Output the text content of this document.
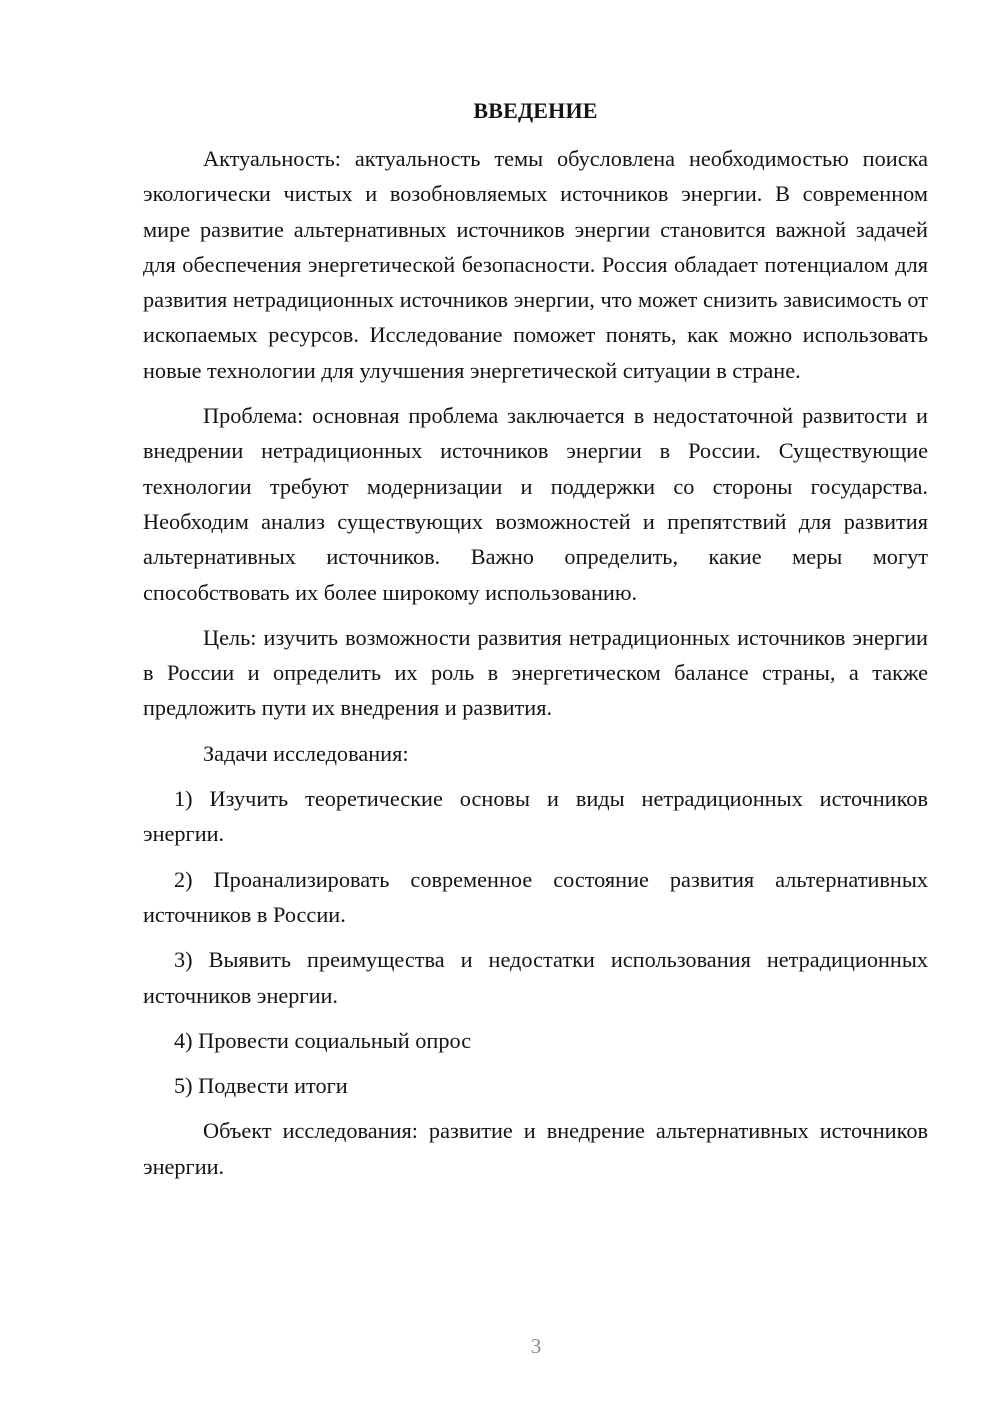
ВВЕДЕНИЕ

Актуальность: актуальность темы обусловлена необходимостью поиска экологически чистых и возобновляемых источников энергии. В современном мире развитие альтернативных источников энергии становится важной задачей для обеспечения энергетической безопасности. Россия обладает потенциалом для развития нетрадиционных источников энергии, что может снизить зависимость от ископаемых ресурсов. Исследование поможет понять, как можно использовать новые технологии для улучшения энергетической ситуации в стране.

Проблема: основная проблема заключается в недостаточной развитости и внедрении нетрадиционных источников энергии в России. Существующие технологии требуют модернизации и поддержки со стороны государства. Необходим анализ существующих возможностей и препятствий для развития альтернативных источников. Важно определить, какие меры могут способствовать их более широкому использованию.

Цель: изучить возможности развития нетрадиционных источников энергии в России и определить их роль в энергетическом балансе страны, а также предложить пути их внедрения и развития.

Задачи исследования:

1) Изучить теоретические основы и виды нетрадиционных источников энергии.

2) Проанализировать современное состояние развития альтернативных источников в России.

3) Выявить преимущества и недостатки использования нетрадиционных источников энергии.

4) Провести социальный опрос

5) Подвести итоги

Объект исследования: развитие и внедрение альтернативных источников энергии.

3
